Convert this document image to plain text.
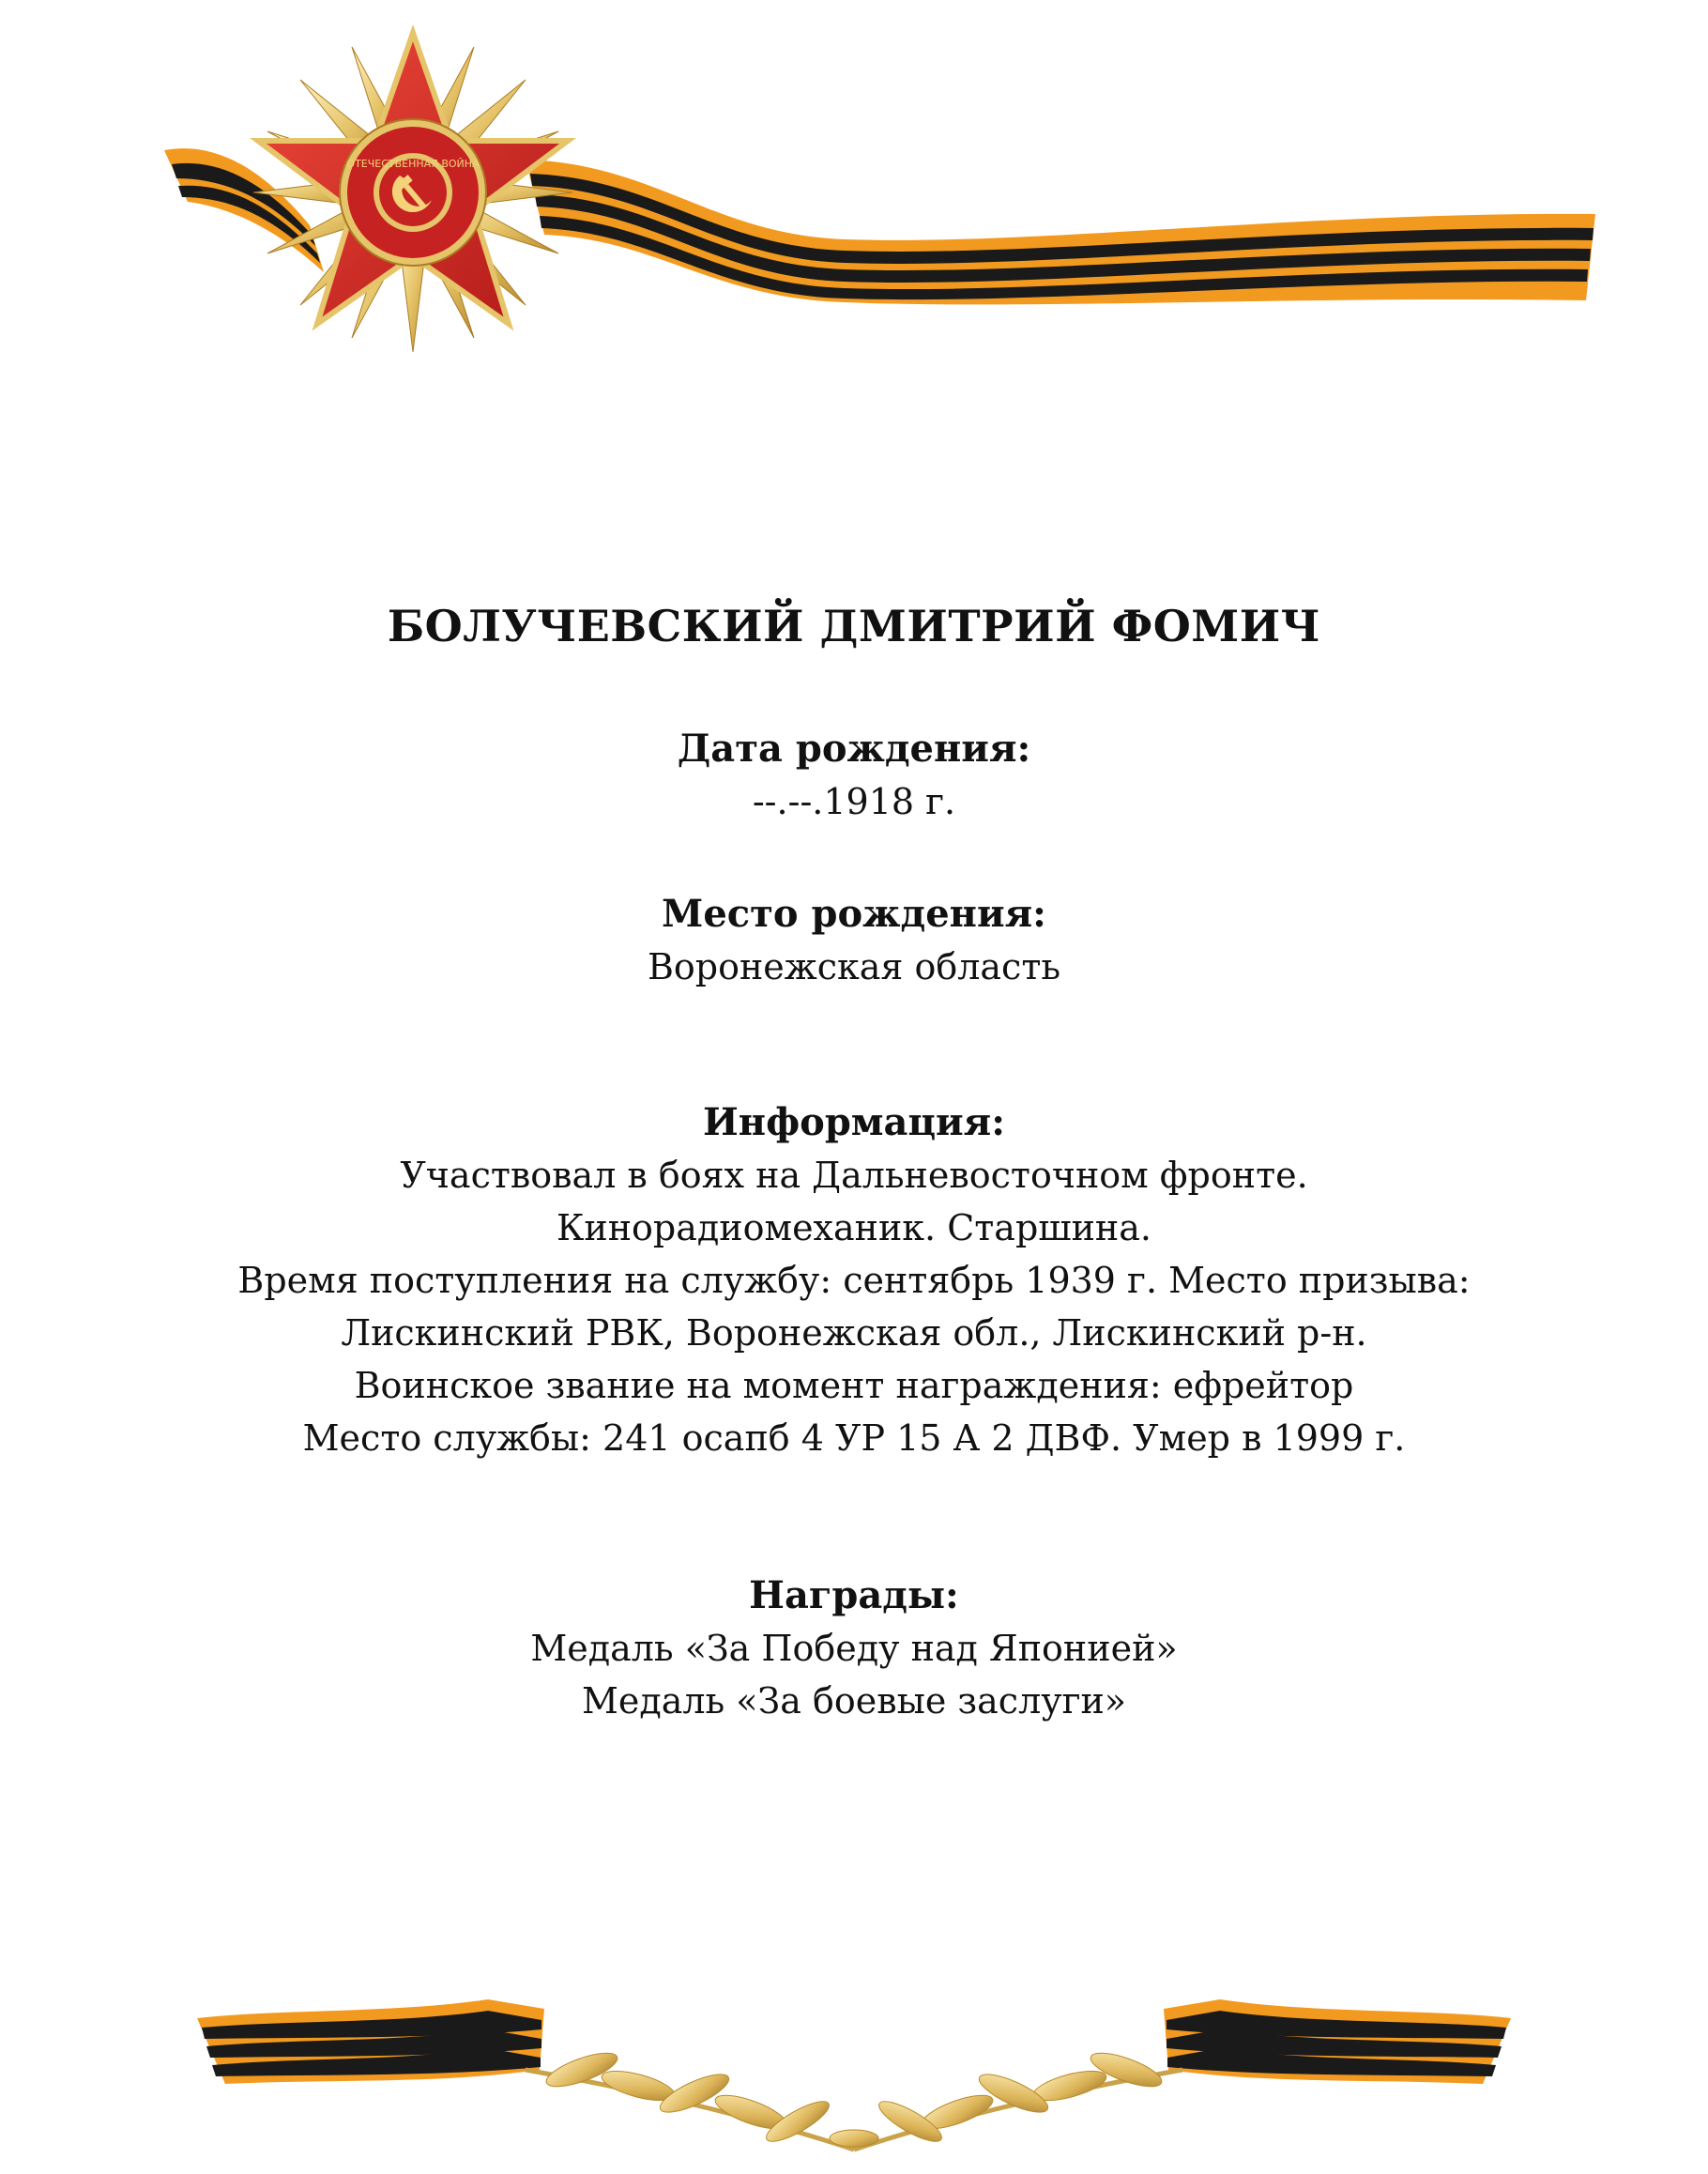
ОТЕЧЕСТВЕННАЯ ВОЙНА
БОЛУЧЕВСКИЙ ДМИТРИЙ ФОМИЧ
Дата рождения:
--.--.1918 г.
Место рождения:
Воронежская область
Информация:
Участвовал в боях на Дальневосточном фронте.
Кинорадиомеханик. Старшина.
Время поступления на службу: сентябрь 1939 г. Место призыва:
Лискинский РВК, Воронежская обл., Лискинский р-н.
Воинское звание на момент награждения: ефрейтор
Место службы: 241 осапб 4 УР 15 А 2 ДВФ. Умер в 1999 г.
Награды:
Медаль «За Победу над Японией»
Медаль «За боевые заслуги»
